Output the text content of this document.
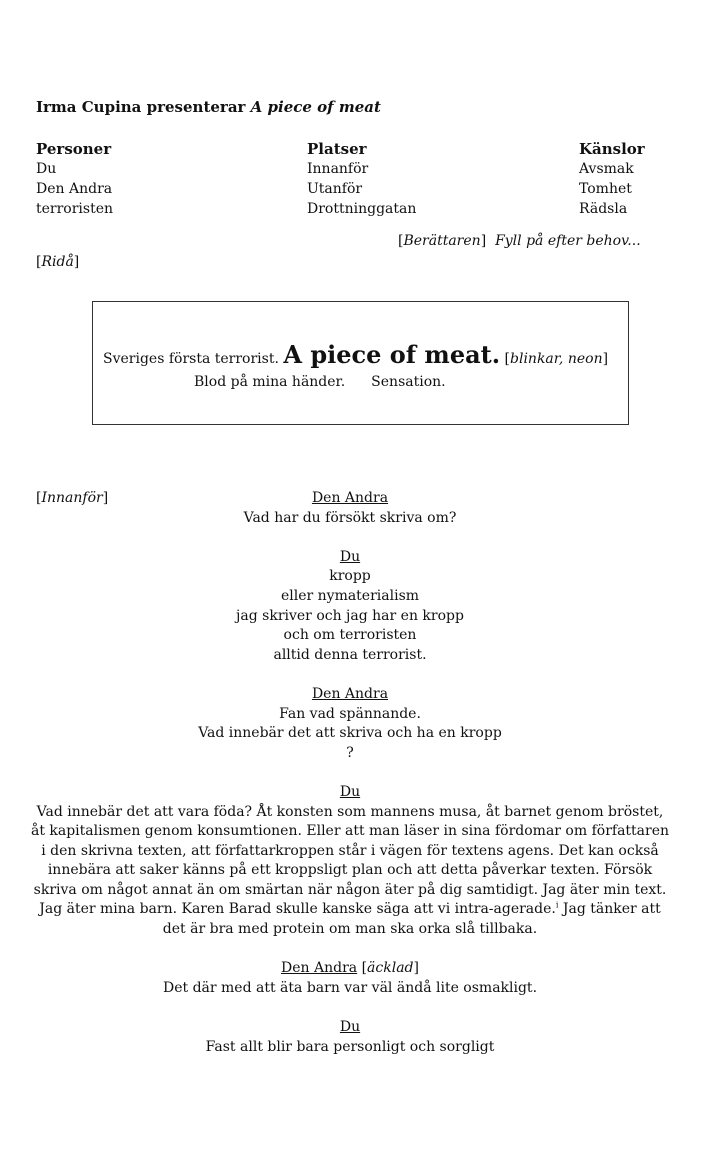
Irma Cupina presenterar A piece of meat
Personer
Du
Den Andra
terroristen
Platser
Innanför
Utanför
Drottninggatan
Känslor
Avsmak
Tomhet
Rädsla
[Berättaren]  Fyll på efter behov...
[Ridå]
Sveriges första terrorist. A piece of meat. [blinkar, neon]
Blod på mina händer. Sensation.
[Innanför]	Den Andra
Vad har du försökt skriva om?
Du
kropp
eller nymaterialism
jag skriver och jag har en kropp
och om terroristen
alltid denna terrorist.
Den Andra
Fan vad spännande.
Vad innebär det att skriva och ha en kropp
?
Du
Vad innebär det att vara föda? Åt konsten som mannens musa, åt barnet genom bröstet, åt kapitalismen genom konsumtionen. Eller att man läser in sina fördomar om författaren i den skrivna texten, att författarkroppen står i vägen för textens agens. Det kan också innebära att saker känns på ett kroppsligt plan och att detta påverkar texten. Försök skriva om något annat än om smärtan när någon äter på dig samtidigt. Jag äter min text. Jag äter mina barn. Karen Barad skulle kanske säga att vi intra-agerade.$^i$ Jag tänker att det är bra med protein om man ska orka slå tillbaka.
Den Andra [äcklad]
Det där med att äta barn var väl ändå lite osmakligt.
Du
Fast allt blir bara personligt och sorgligt
